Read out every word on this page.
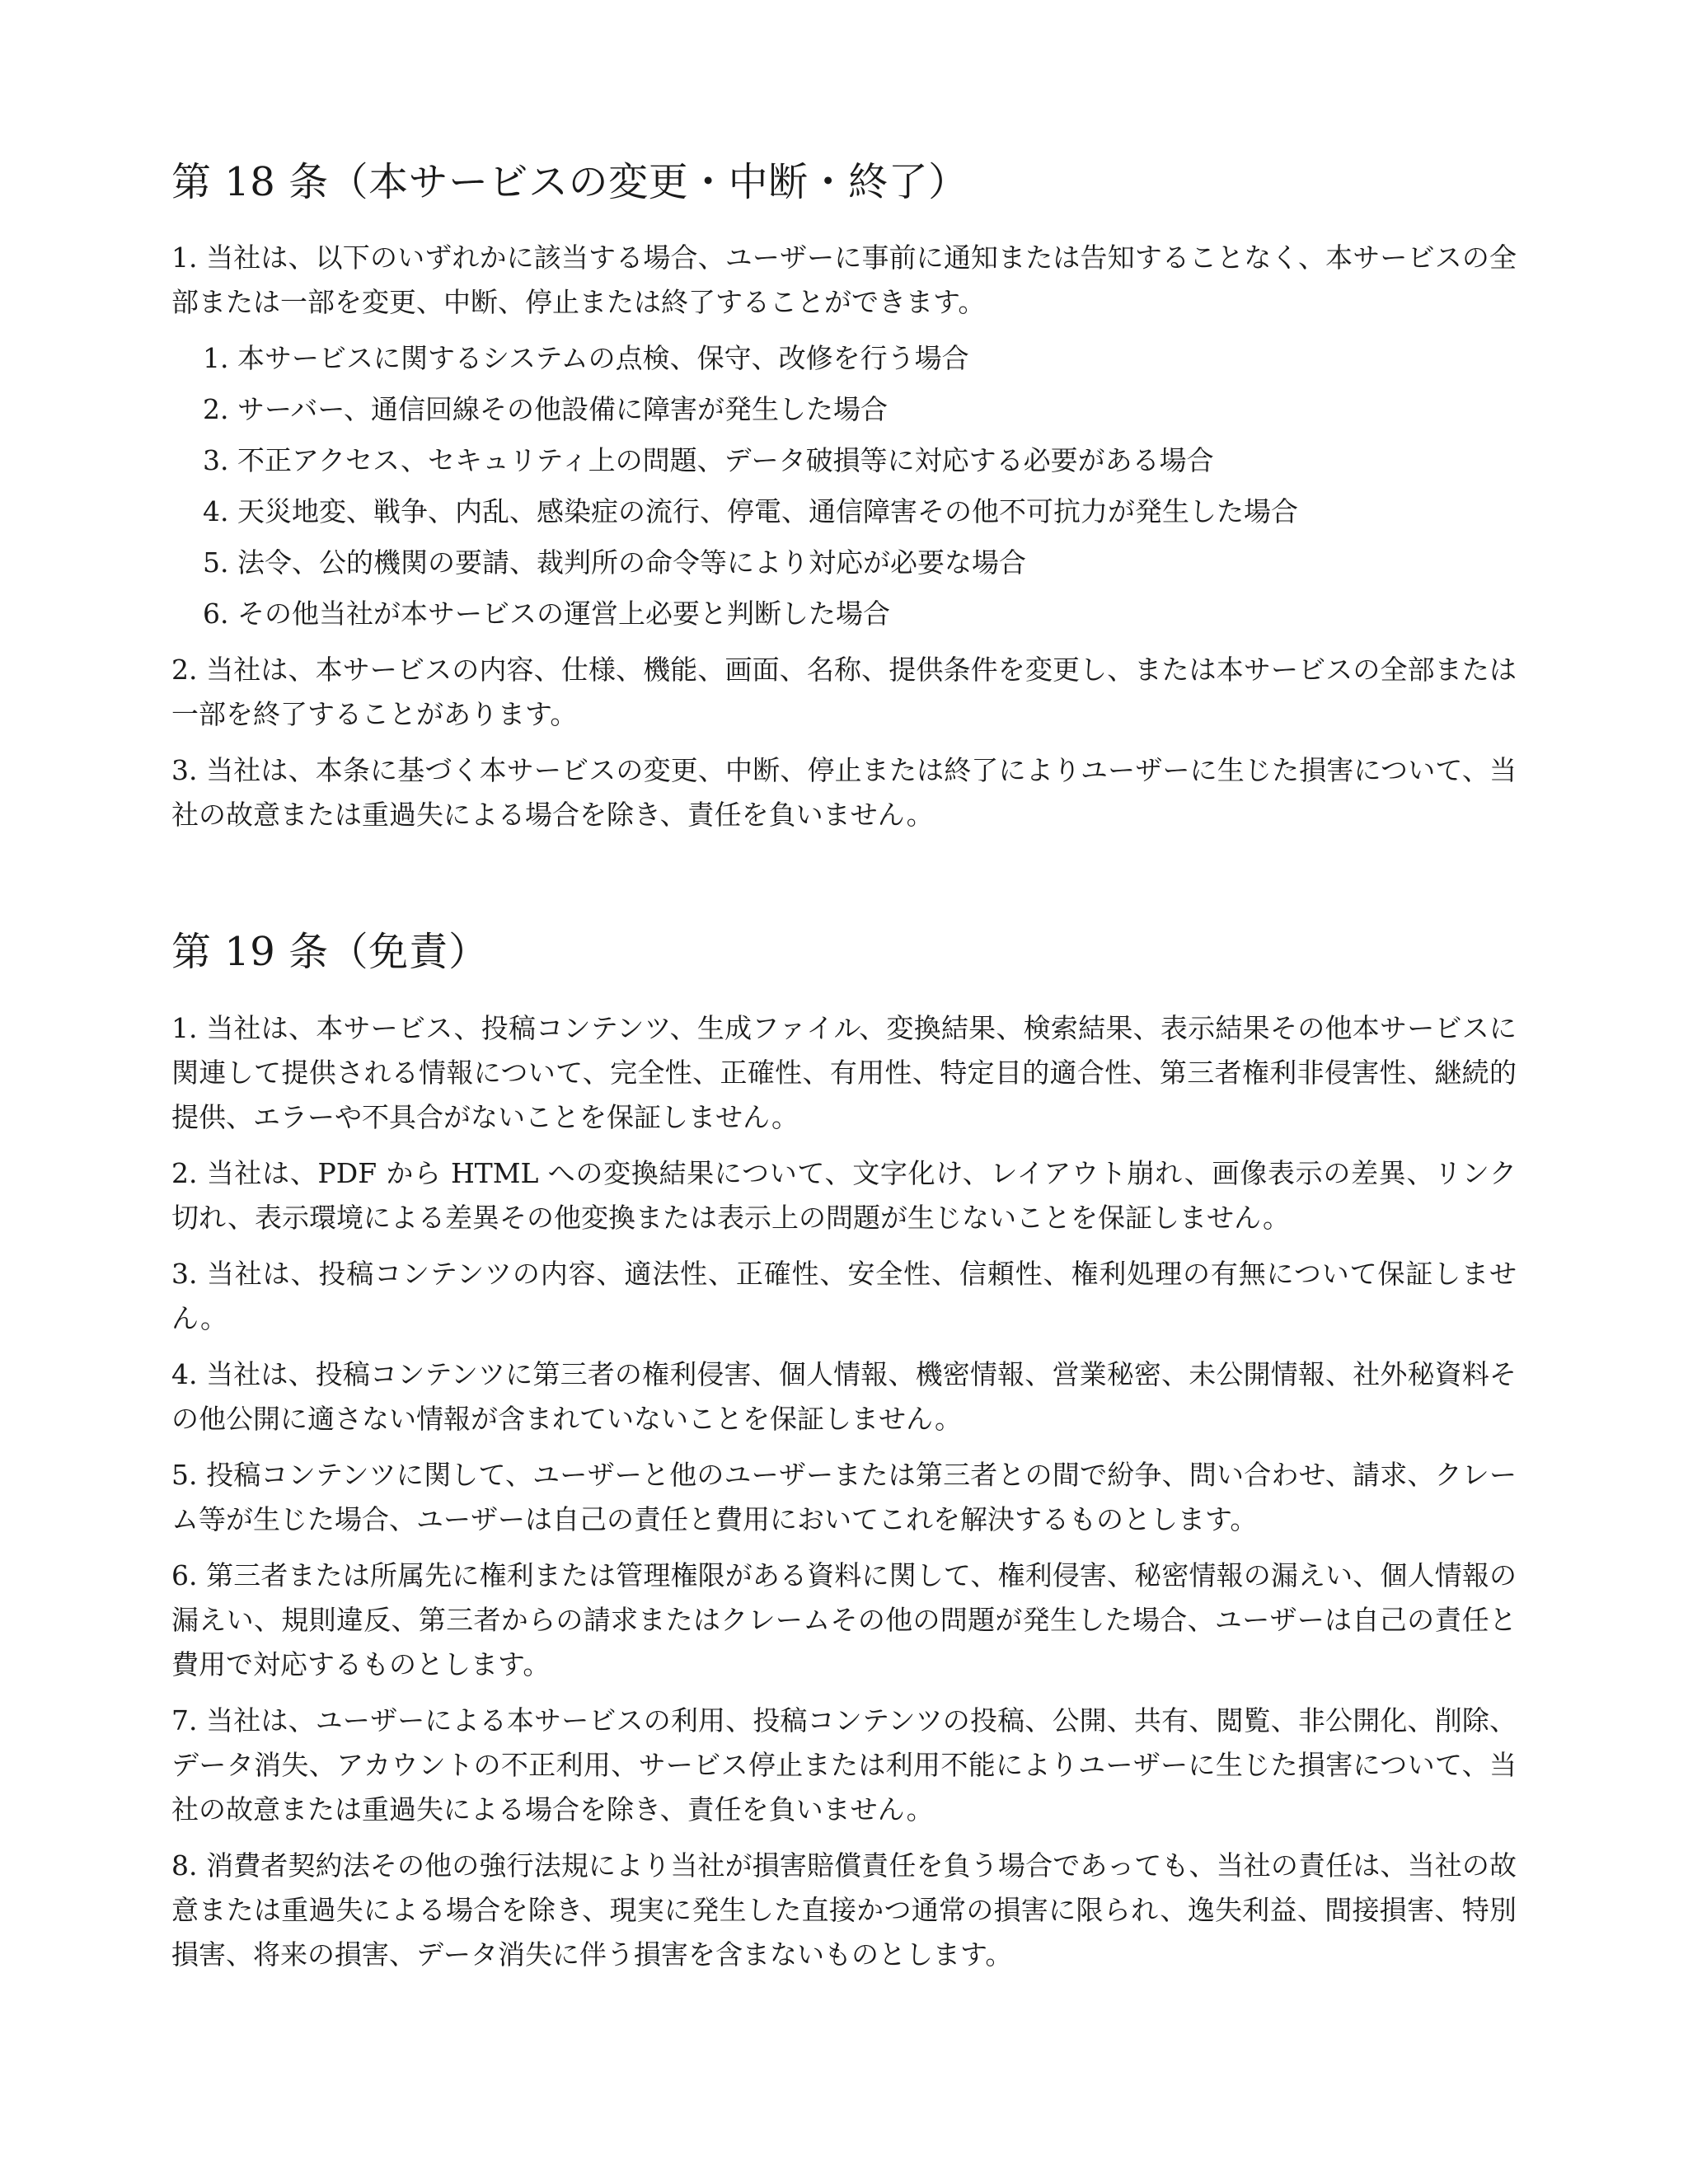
第 18 条（本サービスの変更・中断・終了）

1. 当社は、以下のいずれかに該当する場合、ユーザーに事前に通知または告知することなく、本サービスの全部または一部を変更、中断、停止または終了することができます。

1. 本サービスに関するシステムの点検、保守、改修を行う場合
2. サーバー、通信回線その他設備に障害が発生した場合
3. 不正アクセス、セキュリティ上の問題、データ破損等に対応する必要がある場合
4. 天災地変、戦争、内乱、感染症の流行、停電、通信障害その他不可抗力が発生した場合
5. 法令、公的機関の要請、裁判所の命令等により対応が必要な場合
6. その他当社が本サービスの運営上必要と判断した場合

2. 当社は、本サービスの内容、仕様、機能、画面、名称、提供条件を変更し、または本サービスの全部または一部を終了することがあります。

3. 当社は、本条に基づく本サービスの変更、中断、停止または終了によりユーザーに生じた損害について、当社の故意または重過失による場合を除き、責任を負いません。

第 19 条（免責）

1. 当社は、本サービス、投稿コンテンツ、生成ファイル、変換結果、検索結果、表示結果その他本サービスに関連して提供される情報について、完全性、正確性、有用性、特定目的適合性、第三者権利非侵害性、継続的提供、エラーや不具合がないことを保証しません。

2. 当社は、PDF から HTML への変換結果について、文字化け、レイアウト崩れ、画像表示の差異、リンク切れ、表示環境による差異その他変換または表示上の問題が生じないことを保証しません。

3. 当社は、投稿コンテンツの内容、適法性、正確性、安全性、信頼性、権利処理の有無について保証しません。

4. 当社は、投稿コンテンツに第三者の権利侵害、個人情報、機密情報、営業秘密、未公開情報、社外秘資料その他公開に適さない情報が含まれていないことを保証しません。

5. 投稿コンテンツに関して、ユーザーと他のユーザーまたは第三者との間で紛争、問い合わせ、請求、クレーム等が生じた場合、ユーザーは自己の責任と費用においてこれを解決するものとします。

6. 第三者または所属先に権利または管理権限がある資料に関して、権利侵害、秘密情報の漏えい、個人情報の漏えい、規則違反、第三者からの請求またはクレームその他の問題が発生した場合、ユーザーは自己の責任と費用で対応するものとします。

7. 当社は、ユーザーによる本サービスの利用、投稿コンテンツの投稿、公開、共有、閲覧、非公開化、削除、データ消失、アカウントの不正利用、サービス停止または利用不能によりユーザーに生じた損害について、当社の故意または重過失による場合を除き、責任を負いません。

8. 消費者契約法その他の強行法規により当社が損害賠償責任を負う場合であっても、当社の責任は、当社の故意または重過失による場合を除き、現実に発生した直接かつ通常の損害に限られ、逸失利益、間接損害、特別損害、将来の損害、データ消失に伴う損害を含まないものとします。
